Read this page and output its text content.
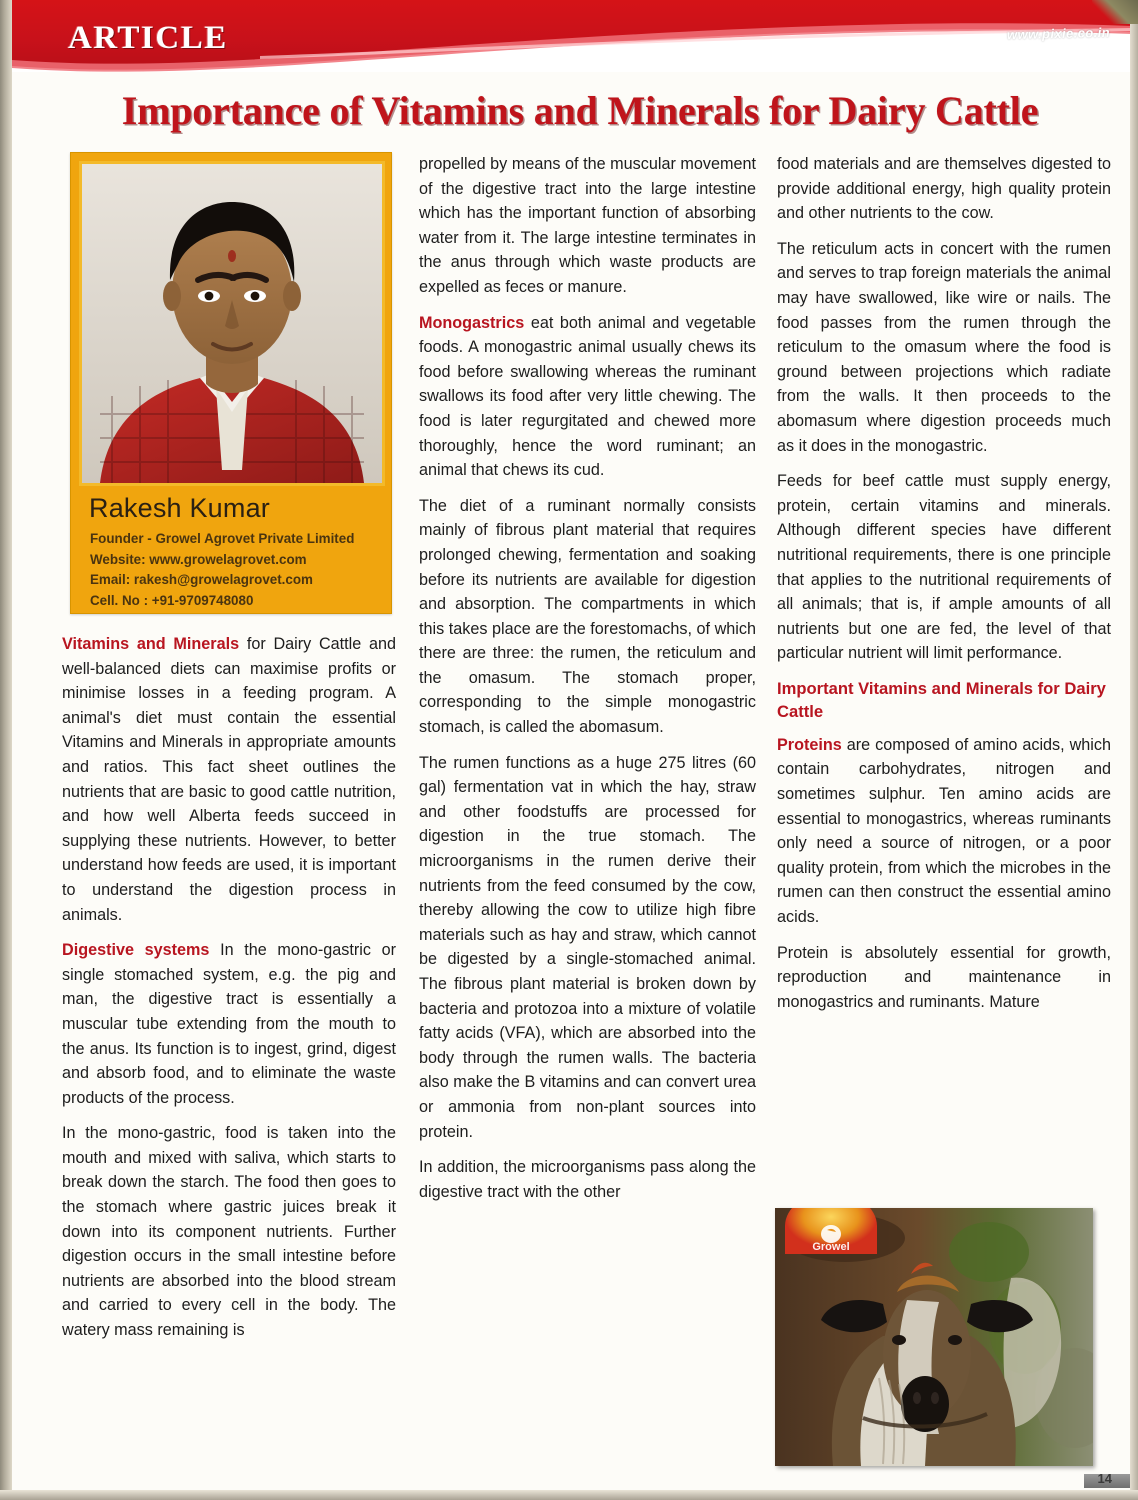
ARTICLE	www.pixie.co.in
Importance of Vitamins and Minerals for Dairy Cattle
Rakesh Kumar
Founder - Growel Agrovet Private Limited
Website: www.growelagrovet.com
Email: rakesh@growelagrovet.com
Cell. No : +91-9709748080

Vitamins and Minerals for Dairy Cattle and well-balanced diets can maximise profits or minimise losses in a feeding program. A animal's diet must contain the essential Vitamins and Minerals in appropriate amounts and ratios. This fact sheet outlines the nutrients that are basic to good cattle nutrition, and how well Alberta feeds succeed in supplying these nutrients. However, to better understand how feeds are used, it is important to understand the digestion process in animals.

Digestive systems In the mono-gastric or single stomached system, e.g. the pig and man, the digestive tract is essentially a muscular tube extending from the mouth to the anus. Its function is to ingest, grind, digest and absorb food, and to eliminate the waste products of the process.

In the mono-gastric, food is taken into the mouth and mixed with saliva, which starts to break down the starch. The food then goes to the stomach where gastric juices break it down into its component nutrients. Further digestion occurs in the small intestine before nutrients are absorbed into the blood stream and carried to every cell in the body. The watery mass remaining is

propelled by means of the muscular movement of the digestive tract into the large intestine which has the important function of absorbing water from it. The large intestine terminates in the anus through which waste products are expelled as feces or manure.

Monogastrics eat both animal and vegetable foods. A monogastric animal usually chews its food before swallowing whereas the ruminant swallows its food after very little chewing. The food is later regurgitated and chewed more thoroughly, hence the word ruminant; an animal that chews its cud.

The diet of a ruminant normally consists mainly of fibrous plant material that requires prolonged chewing, fermentation and soaking before its nutrients are available for digestion and absorption. The compartments in which this takes place are the forestomachs, of which there are three: the rumen, the reticulum and the omasum. The stomach proper, corresponding to the simple monogastric stomach, is called the abomasum.

The rumen functions as a huge 275 litres (60 gal) fermentation vat in which the hay, straw and other foodstuffs are processed for digestion in the true stomach. The microorganisms in the rumen derive their nutrients from the feed consumed by the cow, thereby allowing the cow to utilize high fibre materials such as hay and straw, which cannot be digested by a single-stomached animal. The fibrous plant material is broken down by bacteria and protozoa into a mixture of volatile fatty acids (VFA), which are absorbed into the body through the rumen walls. The bacteria also make the B vitamins and can convert urea or ammonia from non-plant sources into protein.

In addition, the microorganisms pass along the digestive tract with the other

food materials and are themselves digested to provide additional energy, high quality protein and other nutrients to the cow.

The reticulum acts in concert with the rumen and serves to trap foreign materials the animal may have swallowed, like wire or nails. The food passes from the rumen through the reticulum to the omasum where the food is ground between projections which radiate from the walls. It then proceeds to the abomasum where digestion proceeds much as it does in the monogastric.

Feeds for beef cattle must supply energy, protein, certain vitamins and minerals. Although different species have different nutritional requirements, there is one principle that applies to the nutritional requirements of all animals; that is, if ample amounts of all nutrients but one are fed, the level of that particular nutrient will limit performance.

Important Vitamins and Minerals for Dairy Cattle

Proteins are composed of amino acids, which contain carbohydrates, nitrogen and sometimes sulphur. Ten amino acids are essential to monogastrics, whereas ruminants only need a source of nitrogen, or a poor quality protein, from which the microbes in the rumen can then construct the essential amino acids.

Protein is absolutely essential for growth, reproduction and maintenance in monogastrics and ruminants. Mature

Growel
14
